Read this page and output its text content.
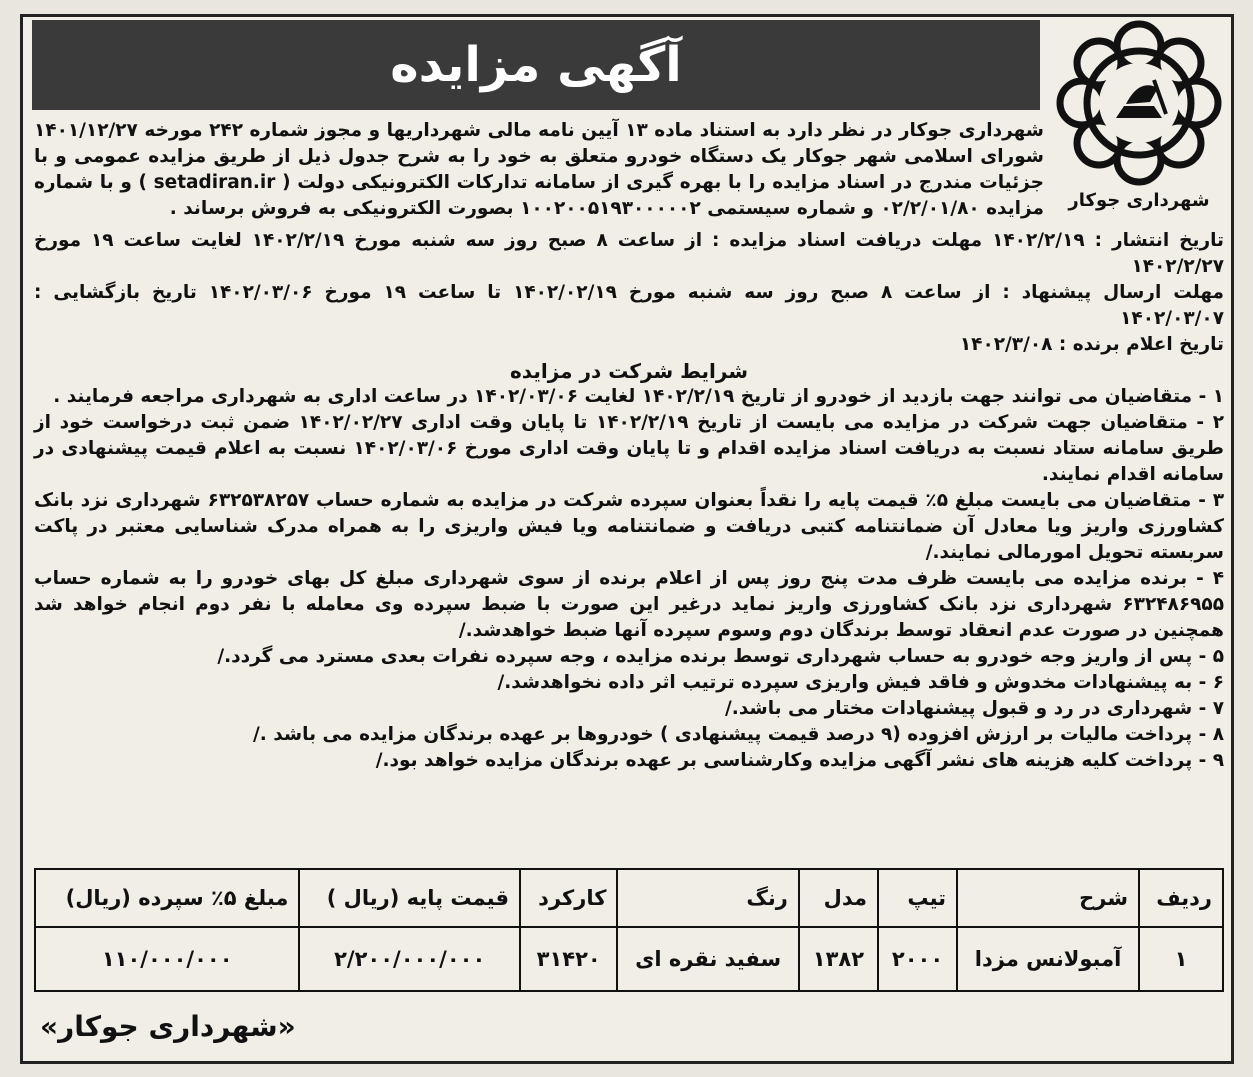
آگهی مزایده
شهرداری جوکار
شهرداری جوکار در نظر دارد به استناد ماده ۱۳ آیین نامه مالی شهرداریها و مجوز شماره ۲۴۲ مورخه ۱۴۰۱/۱۲/۲۷ شورای اسلامی شهر جوکار یک دستگاه خودرو متعلق به خود را به شرح جدول ذیل از طریق مزایده عمومی و با جزئیات مندرج در اسناد مزایده را با بهره گیری از سامانه تدارکات الکترونیکی دولت ( setadiran.ir ) و با شماره مزایده ۰۲/۲/۰۱/۸۰ و شماره سیستمی ۱۰۰۲۰۰۵۱۹۳۰۰۰۰۰۲ بصورت الکترونیکی به فروش برساند .

تاریخ انتشار : ۱۴۰۲/۲/۱۹ مهلت دریافت اسناد مزایده : از ساعت ۸ صبح روز سه شنبه مورخ ۱۴۰۲/۲/۱۹ لغایت ساعت ۱۹ مورخ ۱۴۰۲/۲/۲۷

مهلت ارسال پیشنهاد : از ساعت ۸ صبح روز سه شنبه مورخ ۱۴۰۲/۰۲/۱۹ تا ساعت ۱۹ مورخ ۱۴۰۲/۰۳/۰۶ تاریخ بازگشایی : ۱۴۰۲/۰۳/۰۷

تاریخ اعلام برنده : ۱۴۰۲/۳/۰۸

شرایط شرکت در مزایده

۱ - متقاضیان می توانند جهت بازدید از خودرو از تاریخ ۱۴۰۲/۲/۱۹ لغایت ۱۴۰۲/۰۳/۰۶ در ساعت اداری به شهرداری مراجعه فرمایند .

۲ - متقاضیان جهت شرکت در مزایده می بایست از تاریخ ۱۴۰۲/۲/۱۹ تا پایان وقت اداری ۱۴۰۲/۰۲/۲۷ ضمن ثبت درخواست خود از طریق سامانه ستاد نسبت به دریافت اسناد مزایده اقدام و تا پایان وقت اداری مورخ ۱۴۰۲/۰۳/۰۶ نسبت به اعلام قیمت پیشنهادی در سامانه اقدام نمایند.

۳ - متقاضیان می بایست مبلغ ۵٪ قیمت پایه را نقداً بعنوان سپرده شرکت در مزایده به شماره حساب ۶۳۲۵۳۸۲۵۷ شهرداری نزد بانک کشاورزی واریز ویا معادل آن ضمانتنامه کتبی دریافت و ضمانتنامه ویا فیش واریزی را به همراه مدرک شناسایی معتبر در پاکت سربسته تحویل امورمالی نمایند./

۴ - برنده مزایده می بایست ظرف مدت پنج روز پس از اعلام برنده از سوی شهرداری مبلغ کل بهای خودرو را به شماره حساب ۶۳۲۴۸۶۹۵۵ شهرداری نزد بانک کشاورزی واریز نماید درغیر این صورت با ضبط سپرده وی معامله با نفر دوم انجام خواهد شد همچنین در صورت عدم انعقاد توسط برندگان دوم وسوم سپرده آنها ضبط خواهدشد./

۵ - پس از واریز وجه خودرو به حساب شهرداری توسط برنده مزایده ، وجه سپرده نفرات بعدی مسترد می گردد./

۶ - به پیشنهادات مخدوش و فاقد فیش واریزی سپرده ترتیب اثر داده نخواهدشد./

۷ - شهرداری در رد و قبول پیشنهادات مختار می باشد./

۸ - پرداخت مالیات بر ارزش افزوده (۹ درصد قیمت پیشنهادی ) خودروها بر عهده برندگان مزایده می باشد ./

۹ - پرداخت کلیه هزینه های نشر آگهی مزایده وکارشناسی بر عهده برندگان مزایده خواهد بود./

ردیف	شرح	تیپ	مدل	رنگ	کارکرد	قیمت پایه (ریال )	مبلغ ۵٪ سپرده (ریال)
۱	آمبولانس مزدا	۲۰۰۰	۱۳۸۲	سفید نقره ای	۳۱۴۲۰	۲/۲۰۰/۰۰۰/۰۰۰	۱۱۰/۰۰۰/۰۰۰
«شهرداری جوکار»
